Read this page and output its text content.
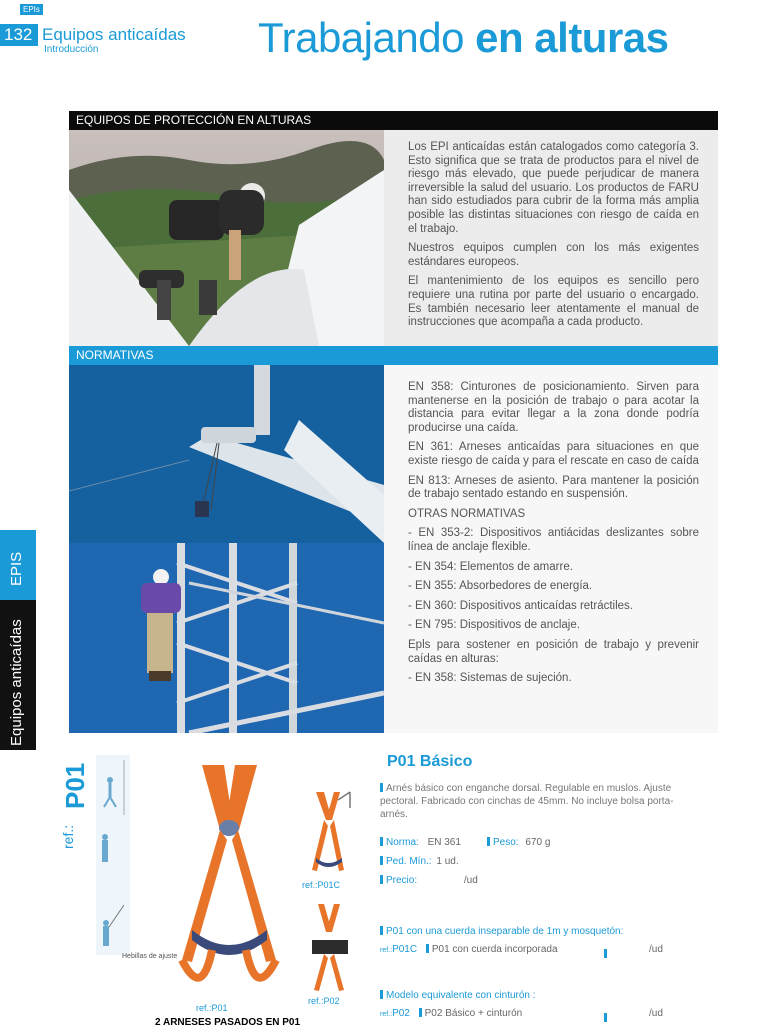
EPIs
132 Equipos anticaídas
Introducción	Trabajando en alturas
EPIS
Equipos anticaídas
EQUIPOS DE PROTECCIÓN EN ALTURAS

Los EPI anticaídas están catalogados como categoría 3. Esto significa que se trata de productos para el nivel de riesgo más elevado, que puede perjudicar de manera irreversible la salud del usuario. Los productos de FARU han sido estudiados para cubrir de la forma más amplia posible las distintas situaciones con riesgo de caída en el trabajo.

Nuestros equipos cumplen con los más exigentes estándares europeos.

El mantenimiento de los equipos es sencillo pero requiere una rutina por parte del usuario o encargado. Es también necesario leer atentamente el manual de instrucciones que acompaña a cada producto.

NORMATIVAS

EN 358: Cinturones de posicionamiento. Sirven para mantenerse en la posición de trabajo o para acotar la distancia para evitar llegar a la zona donde podría producirse una caída.

EN 361: Arneses anticaídas para situaciones en que existe riesgo de caída y para el rescate en caso de caída

EN 813: Arneses de asiento. Para mantener la posición de trabajo sentado estando en suspensión.

OTRAS NORMATIVAS

- EN 353-2: Dispositivos antiácidas deslizantes sobre línea de anclaje flexible.

- EN 354: Elementos de amarre.

- EN 355: Absorbedores de energía.

- EN 360: Dispositivos anticaídas retráctiles.

- EN 795: Dispositivos de anclaje.

Epls para sostener en posición de trabajo y prevenir caídas en alturas:

- EN 358: Sistemas de sujeción.

ref.:
P01
Hebillas de ajuste
ref.:P01
ref.:P01C
ref.:P02
2 ARNESES PASADOS EN P01
P01 Básico
Arnés básico con enganche dorsal. Regulable en muslos. Ajuste pectoral. Fabricado con cinchas de 45mm. No incluye bolsa porta-arnés.
Norma: EN 361	Peso: 670 g
Ped. Mín.: 1 ud.
Precio:	/ud
P01 con una cuerda inseparable de 1m y mosquetón:
ref.:P01C P01 con cuerda incorporada	/ud
Modelo equivalente con cinturón :
ref.:P02 P02 Básico + cinturón	/ud
